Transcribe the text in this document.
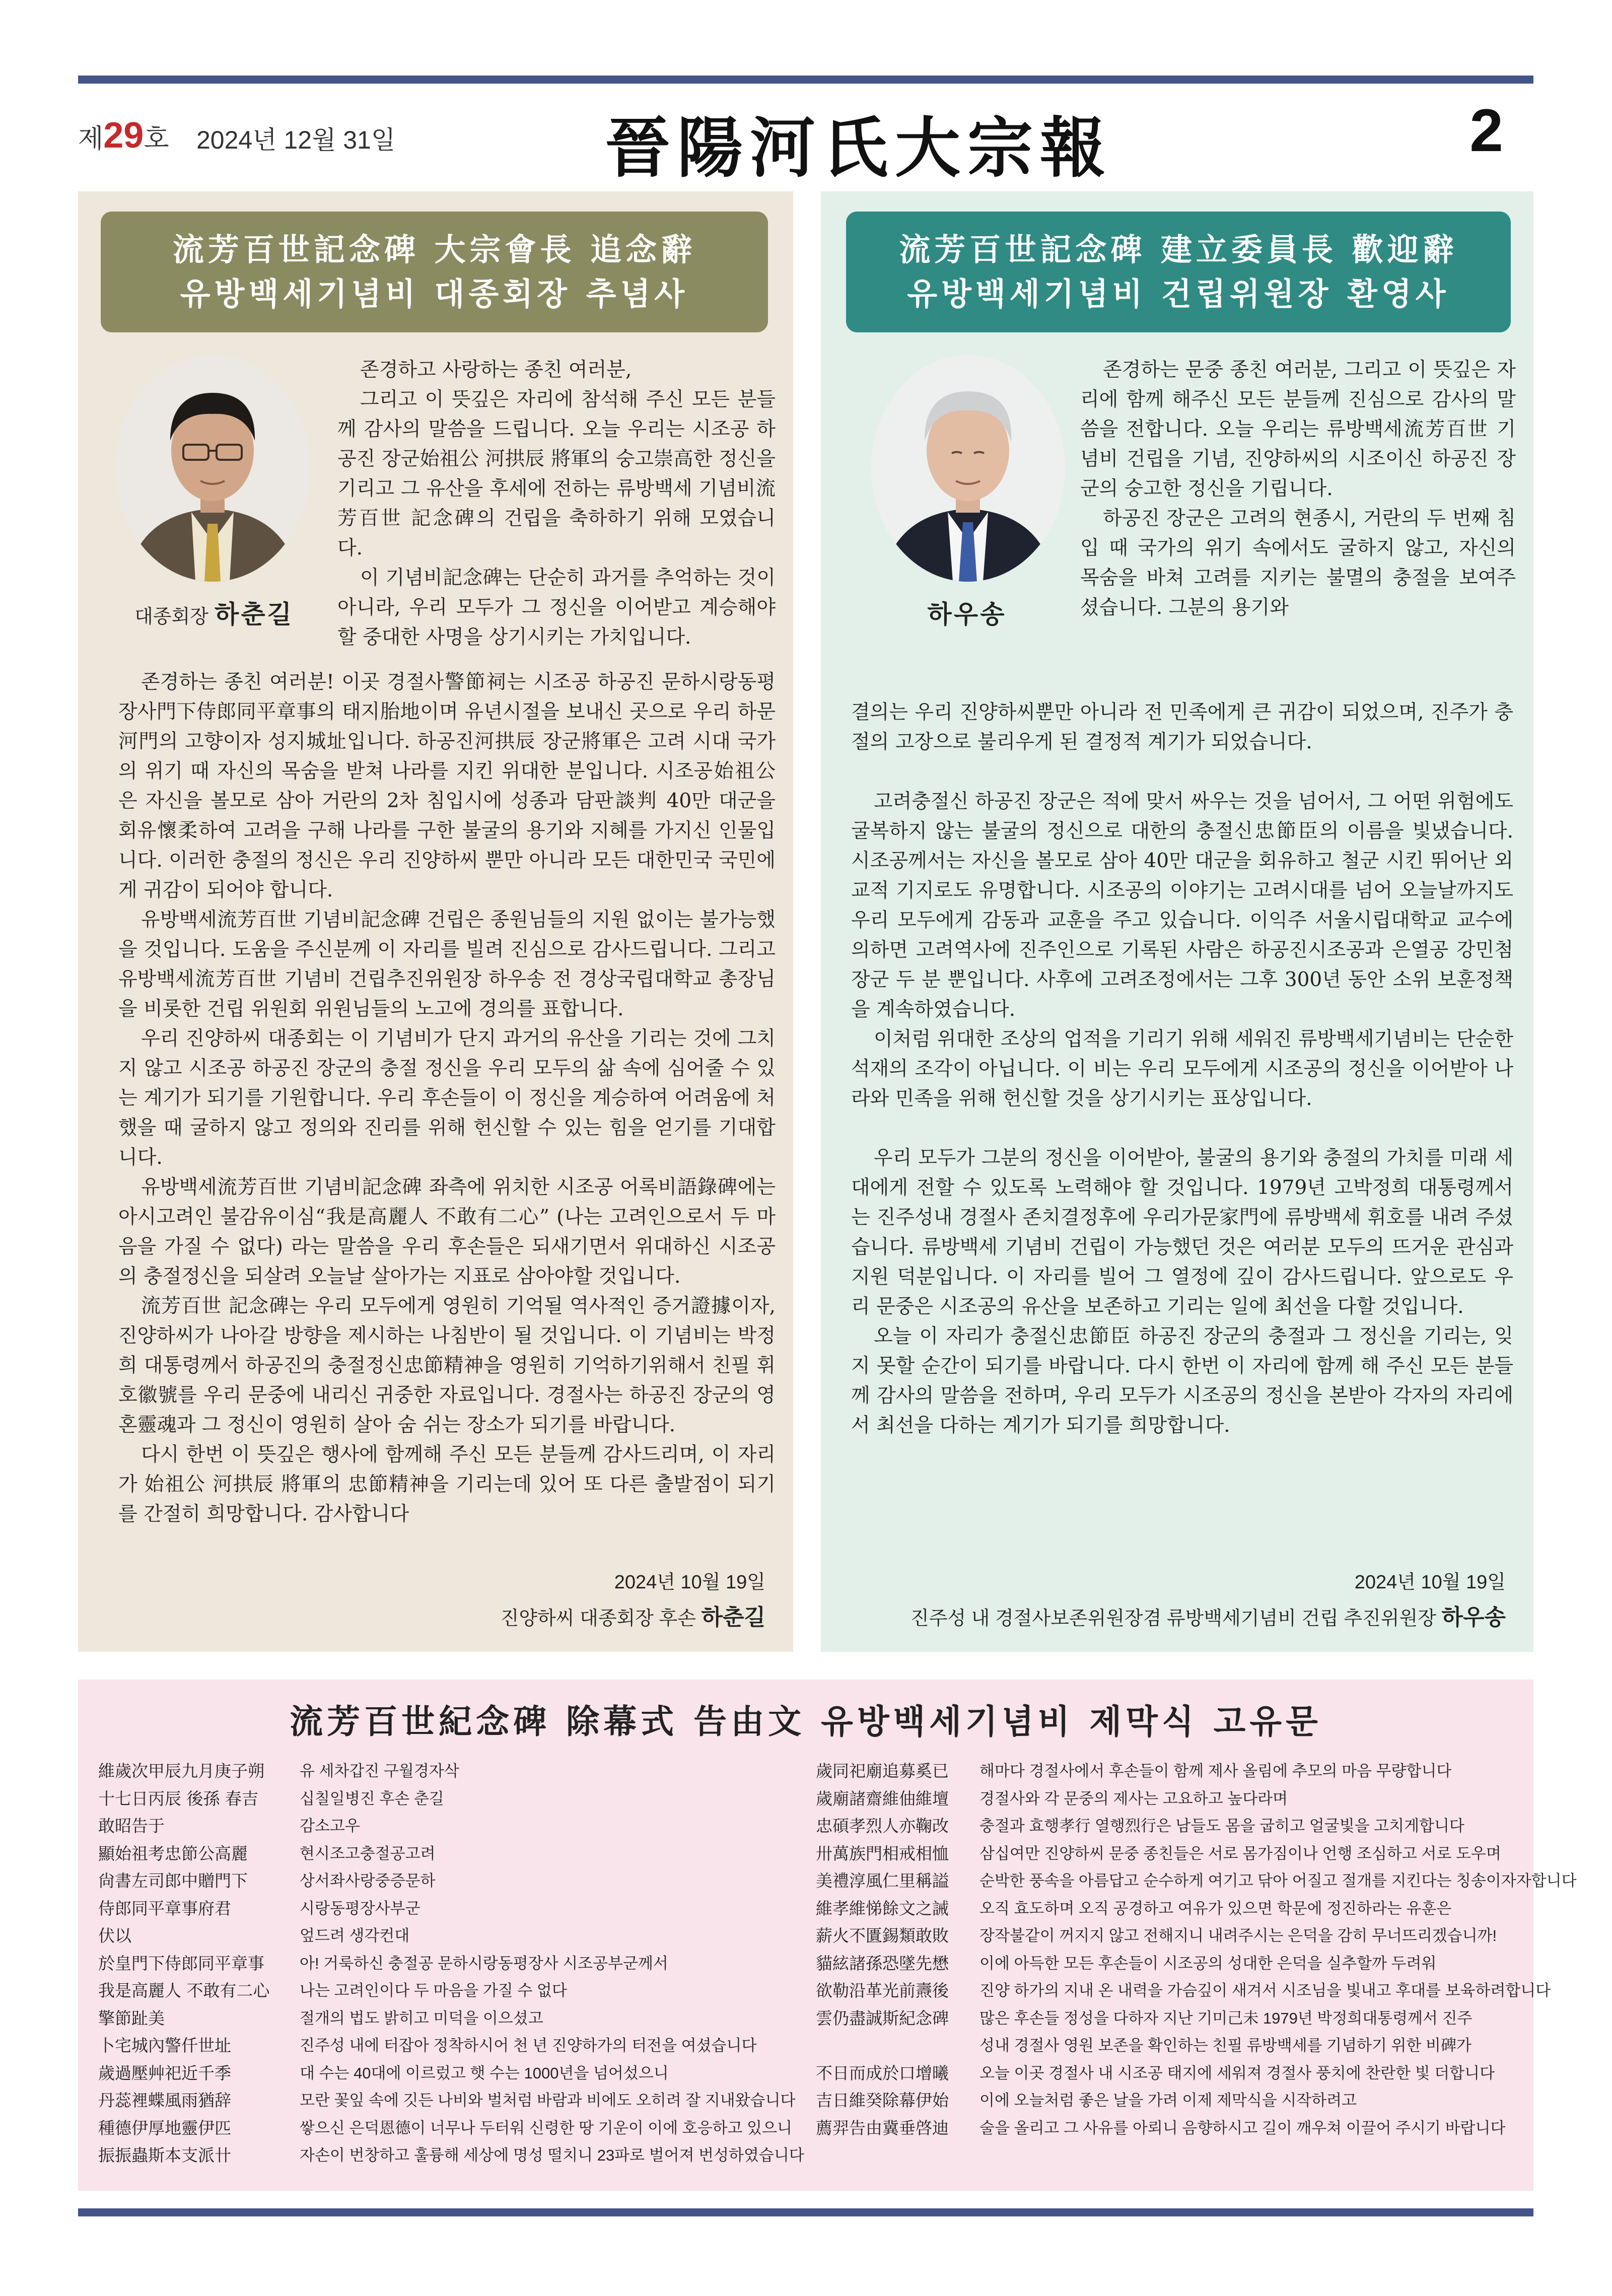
제29호 2024년 12월 31일	晉陽河氏大宗報	2
流芳百世記念碑 大宗會長 追念辭
유방백세기념비 대종회장 추념사
대종회장 하춘길

존경하고 사랑하는 종친 여러분,

그리고 이 뜻깊은 자리에 참석해 주신 모든 분들께 감사의 말씀을 드립니다. 오늘 우리는 시조공 하공진 장군始祖公 河拱辰 將軍의 숭고崇高한 정신을 기리고 그 유산을 후세에 전하는 류방백세 기념비流芳百世 記念碑의 건립을 축하하기 위해 모였습니다.

이 기념비記念碑는 단순히 과거를 추억하는 것이 아니라, 우리 모두가 그 정신을 이어받고 계승해야 할 중대한 사명을 상기시키는 가치입니다.

존경하는 종친 여러분! 이곳 경절사警節祠는 시조공 하공진 문하시랑동평장사門下侍郎同平章事의 태지胎地이며 유년시절을 보내신 곳으로 우리 하문河門의 고향이자 성지城址입니다. 하공진河拱辰 장군將軍은 고려 시대 국가의 위기 때 자신의 목숨을 받쳐 나라를 지킨 위대한 분입니다. 시조공始祖公은 자신을 볼모로 삼아 거란의 2차 침입시에 성종과 담판談判 40만 대군을 회유懷柔하여 고려을 구해 나라를 구한 불굴의 용기와 지혜를 가지신 인물입니다. 이러한 충절의 정신은 우리 진양하씨 뿐만 아니라 모든 대한민국 국민에게 귀감이 되어야 합니다.

유방백세流芳百世 기념비記念碑 건립은 종원님들의 지원 없이는 불가능했을 것입니다. 도움을 주신분께 이 자리를 빌려 진심으로 감사드립니다. 그리고 유방백세流芳百世 기념비 건립추진위원장 하우송 전 경상국립대학교 총장님을 비롯한 건립 위원회 위원님들의 노고에 경의를 표합니다.

우리 진양하씨 대종회는 이 기념비가 단지 과거의 유산을 기리는 것에 그치지 않고 시조공 하공진 장군의 충절 정신을 우리 모두의 삶 속에 심어줄 수 있는 계기가 되기를 기원합니다. 우리 후손들이 이 정신을 계승하여 어려움에 처했을 때 굴하지 않고 정의와 진리를 위해 헌신할 수 있는 힘을 얻기를 기대합니다.

유방백세流芳百世 기념비記念碑 좌측에 위치한 시조공 어록비語錄碑에는 아시고려인 불감유이심“我是高麗人 不敢有二心” (나는 고려인으로서 두 마음을 가질 수 없다) 라는 말씀을 우리 후손들은 되새기면서 위대하신 시조공의 충절정신을 되살려 오늘날 살아가는 지표로 삼아야할 것입니다.

流芳百世 記念碑는 우리 모두에게 영원히 기억될 역사적인 증거證據이자, 진양하씨가 나아갈 방향을 제시하는 나침반이 될 것입니다. 이 기념비는 박정희 대통령께서 하공진의 충절정신忠節精神을 영원히 기억하기위해서 친필 휘호徽號를 우리 문중에 내리신 귀중한 자료입니다. 경절사는 하공진 장군의 영혼靈魂과 그 정신이 영원히 살아 숨 쉬는 장소가 되기를 바랍니다.

다시 한번 이 뜻깊은 행사에 함께해 주신 모든 분들께 감사드리며, 이 자리가 始祖公 河拱辰 將軍의 忠節精神을 기리는데 있어 또 다른 출발점이 되기를 간절히 희망합니다. 감사합니다

2024년 10월 19일
진양하씨 대종회장 후손 하춘길
流芳百世記念碑 建立委員長 歡迎辭
유방백세기념비 건립위원장 환영사
하우송

존경하는 문중 종친 여러분, 그리고 이 뜻깊은 자리에 함께 해주신 모든 분들께 진심으로 감사의 말씀을 전합니다. 오늘 우리는 류방백세流芳百世 기념비 건립을 기념, 진양하씨의 시조이신 하공진 장군의 숭고한 정신을 기립니다.

하공진 장군은 고려의 현종시, 거란의 두 번째 침입 때 국가의 위기 속에서도 굴하지 않고, 자신의 목숨을 바쳐 고려를 지키는 불멸의 충절을 보여주셨습니다. 그분의 용기와

결의는 우리 진양하씨뿐만 아니라 전 민족에게 큰 귀감이 되었으며, 진주가 충절의 고장으로 불리우게 된 결정적 계기가 되었습니다.

고려충절신 하공진 장군은 적에 맞서 싸우는 것을 넘어서, 그 어떤 위험에도 굴복하지 않는 불굴의 정신으로 대한의 충절신忠節臣의 이름을 빛냈습니다. 시조공께서는 자신을 볼모로 삼아 40만 대군을 회유하고 철군 시킨 뛰어난 외교적 기지로도 유명합니다. 시조공의 이야기는 고려시대를 넘어 오늘날까지도 우리 모두에게 감동과 교훈을 주고 있습니다. 이익주 서울시립대학교 교수에 의하면 고려역사에 진주인으로 기록된 사람은 하공진시조공과 은열공 강민첨장군 두 분 뿐입니다. 사후에 고려조정에서는 그후 300년 동안 소위 보훈정책을 계속하였습니다.

이처럼 위대한 조상의 업적을 기리기 위해 세워진 류방백세기념비는 단순한 석재의 조각이 아닙니다. 이 비는 우리 모두에게 시조공의 정신을 이어받아 나라와 민족을 위해 헌신할 것을 상기시키는 표상입니다.

우리 모두가 그분의 정신을 이어받아, 불굴의 용기와 충절의 가치를 미래 세대에게 전할 수 있도록 노력해야 할 것입니다. 1979년 고박정희 대통령께서는 진주성내 경절사 존치결정후에 우리가문家門에 류방백세 휘호를 내려 주셨습니다. 류방백세 기념비 건립이 가능했던 것은 여러분 모두의 뜨거운 관심과 지원 덕분입니다. 이 자리를 빌어 그 열정에 깊이 감사드립니다. 앞으로도 우리 문중은 시조공의 유산을 보존하고 기리는 일에 최선을 다할 것입니다.

오늘 이 자리가 충절신忠節臣 하공진 장군의 충절과 그 정신을 기리는, 잊지 못할 순간이 되기를 바랍니다. 다시 한번 이 자리에 함께 해 주신 모든 분들께 감사의 말씀을 전하며, 우리 모두가 시조공의 정신을 본받아 각자의 자리에서 최선을 다하는 계기가 되기를 희망합니다.

2024년 10월 19일
진주성 내 경절사보존위원장겸 류방백세기념비 건립 추진위원장 하우송
流芳百世紀念碑 除幕式 告由文 유방백세기념비 제막식 고유문
維歲次甲辰九月庚子朔
十七日丙辰 後孫 春吉
敢昭告于
顯始祖考忠節公高麗
尙書左司郎中贈門下
侍郎同平章事府君
伏以
於皇門下侍郎同平章事
我是高麗人 不敢有二心
擎節趾美
卜宅城內警仟世址
歲過壓艸祀近千季
丹蕊裡蝶風雨猶辞
種德伊厚地靈伊匹
振振蟲斯本支派卄
유 세차갑진 구월경자삭
십칠일병진 후손 춘길
감소고우
현시조고충절공고려
상서좌사랑중증문하
시랑동평장사부군
엎드려 생각컨대
아! 거룩하신 충절공 문하시랑동평장사 시조공부군께서
나는 고려인이다 두 마음을 가질 수 없다
절개의 법도 밝히고 미덕을 이으셨고
진주성 내에 터잡아 정착하시어 천 년 진양하가의 터전을 여셨습니다
대 수는 40대에 이르렀고 햇 수는 1000년을 넘어섰으니
모란 꽃잎 속에 깃든 나비와 벌처럼 바람과 비에도 오히려 잘 지내왔습니다
쌓으신 은덕恩德이 너무나 두터워 신령한 땅 기운이 이에 호응하고 있으니
자손이 번창하고 훌륭해 세상에 명성 떨치니 23파로 벌어져 번성하였습니다
歲同祀廟追募奚已
歲廟諸齋維伷維壇
忠碩孝烈人亦鞠改
卅萬族門相戒相恤
美禮淳風仁里稱謚
維孝維悌餘文之誡
薪火不匱錫類敢敗
貓絃諸孫恐墜先懋
欲勒沿革光前燾後
雲仍盡誠斯紀念碑
不日而成於口增曦
吉日維癸除幕伊始
薦羿告由冀垂啓迪
해마다 경절사에서 후손들이 함께 제사 올림에 추모의 마음 무량합니다
경절사와 각 문중의 제사는 고요하고 높다라며
충절과 효행孝行 열행烈行은 남들도 몸을 굽히고 얼굴빛을 고치게합니다
삼십여만 진양하씨 문중 종친들은 서로 몸가짐이나 언행 조심하고 서로 도우며
순박한 풍속을 아름답고 순수하게 여기고 닦아 어질고 절개를 지킨다는 칭송이자자합니다
오직 효도하며 오직 공경하고 여유가 있으면 학문에 정진하라는 유훈은
장작불같이 꺼지지 않고 전해지니 내려주시는 은덕을 감히 무너뜨리겠습니까!
이에 아득한 모든 후손들이 시조공의 성대한 은덕을 실추할까 두려워
진양 하가의 지내 온 내력을 가슴깊이 새겨서 시조님을 빛내고 후대를 보육하려합니다
많은 후손들 정성을 다하자 지난 기미己未 1979년 박정희대통령께서 진주
성내 경절사 영원 보존을 확인하는 친필 류방백세를 기념하기 위한 비碑가
오늘 이곳 경절사 내 시조공 태지에 세워져 경절사 풍치에 찬란한 빛 더합니다
이에 오늘처럼 좋은 날을 가려 이제 제막식을 시작하려고
술을 올리고 그 사유를 아뢰니 음향하시고 길이 깨우쳐 이끌어 주시기 바랍니다
